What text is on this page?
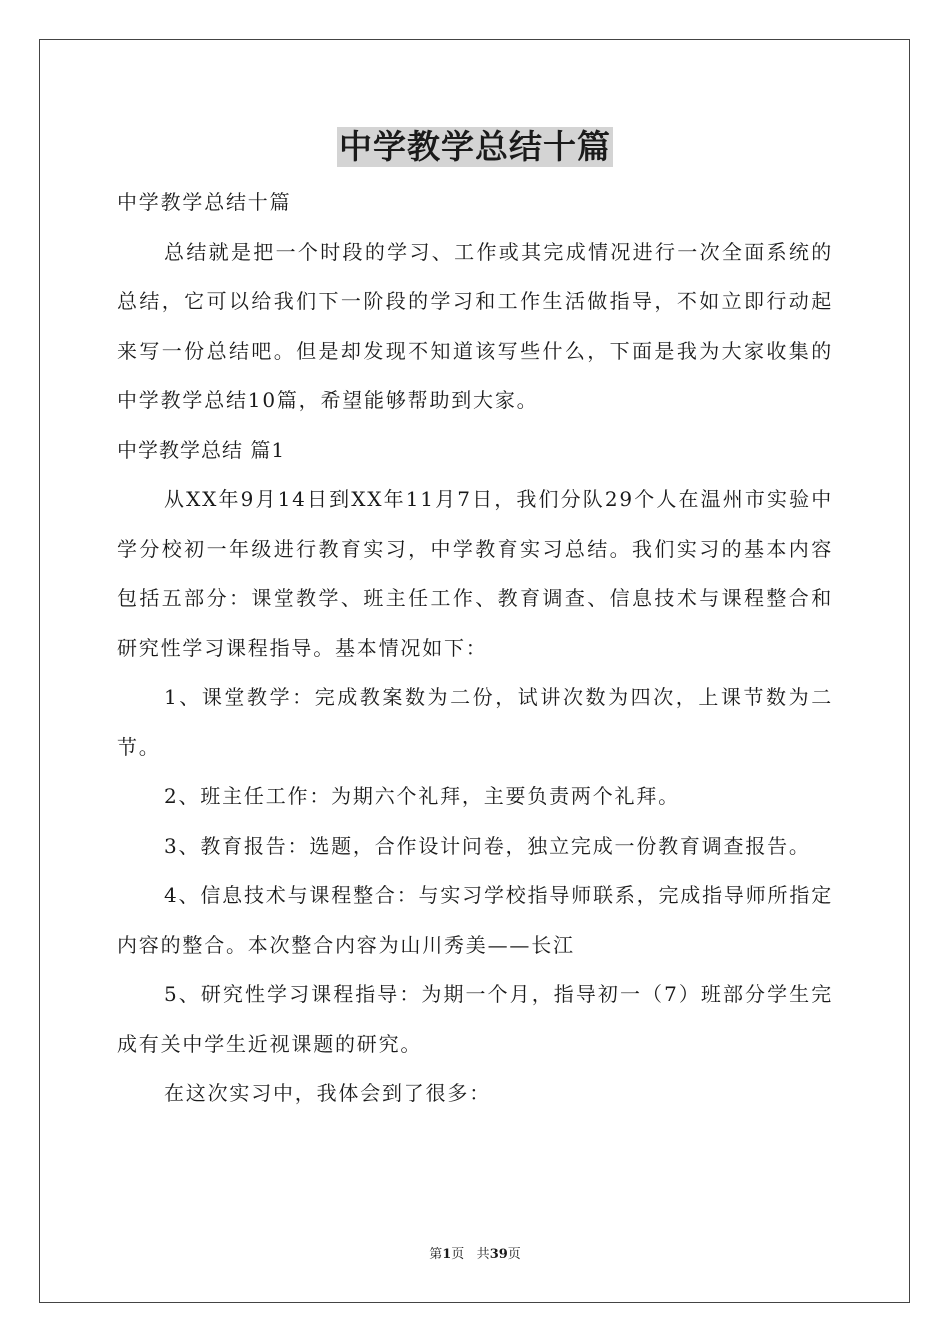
中学教学总结十篇

中学教学总结十篇

总结就是把一个时段的学习、工作或其完成情况进行一次全面系统的总结，它可以给我们下一阶段的学习和工作生活做指导，不如立即行动起来写一份总结吧。但是却发现不知道该写些什么，下面是我为大家收集的中学教学总结10篇，希望能够帮助到大家。

中学教学总结 篇1

从XX年9月14日到XX年11月7日，我们分队29个人在温州市实验中学分校初一年级进行教育实习，中学教育实习总结。我们实习的基本内容包括五部分：课堂教学、班主任工作、教育调查、信息技术与课程整合和研究性学习课程指导。基本情况如下：

1、课堂教学：完成教案数为二份，试讲次数为四次，上课节数为二节。

2、班主任工作：为期六个礼拜，主要负责两个礼拜。

3、教育报告：选题，合作设计问卷，独立完成一份教育调查报告。

4、信息技术与课程整合：与实习学校指导师联系，完成指导师所指定内容的整合。本次整合内容为山川秀美——长江

5、研究性学习课程指导：为期一个月，指导初一（7）班部分学生完成有关中学生近视课题的研究。

在这次实习中，我体会到了很多：

第1页 共39页
